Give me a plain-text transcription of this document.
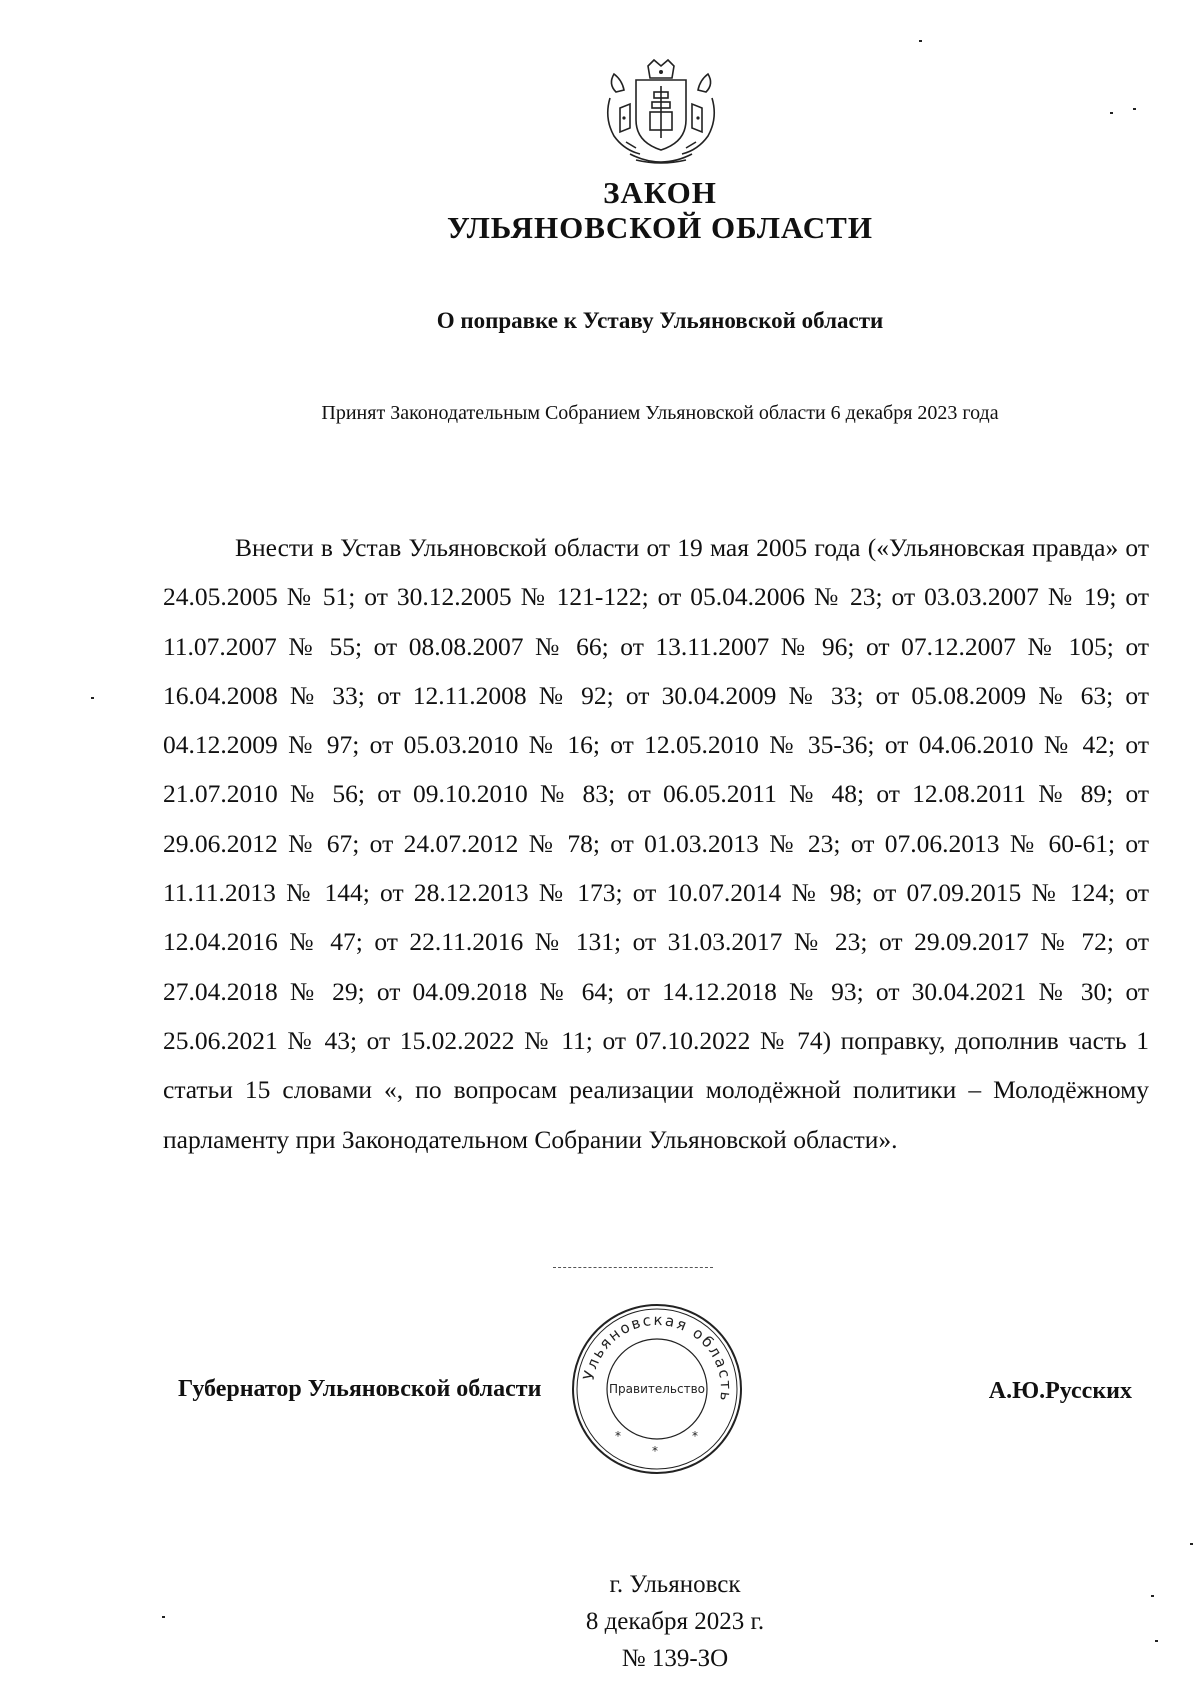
ЗАКОН
УЛЬЯНОВСКОЙ ОБЛАСТИ

О поправке к Уставу Ульяновской области

Принят Законодательным Собранием Ульяновской области 6 декабря 2023 года

Внести в Устав Ульяновской области от 19 мая 2005 года («Ульяновская правда» от 24.05.2005 № 51; от 30.12.2005 № 121-122; от 05.04.2006 № 23; от 03.03.2007 № 19; от 11.07.2007 № 55; от 08.08.2007 № 66; от 13.11.2007 № 96; от 07.12.2007 № 105; от 16.04.2008 № 33; от 12.11.2008 № 92; от 30.04.2009 № 33; от 05.08.2009 № 63; от 04.12.2009 № 97; от 05.03.2010 № 16; от 12.05.2010 № 35-36; от 04.06.2010 № 42; от 21.07.2010 № 56; от 09.10.2010 № 83; от 06.05.2011 № 48; от 12.08.2011 № 89; от 29.06.2012 № 67; от 24.07.2012 № 78; от 01.03.2013 № 23; от 07.06.2013 № 60-61; от 11.11.2013 № 144; от 28.12.2013 № 173; от 10.07.2014 № 98; от 07.09.2015 № 124; от 12.04.2016 № 47; от 22.11.2016 № 131; от 31.03.2017 № 23; от 29.09.2017 № 72; от 27.04.2018 № 29; от 04.09.2018 № 64; от 14.12.2018 № 93; от 30.04.2021 № 30; от 25.06.2021 № 43; от 15.02.2022 № 11; от 07.10.2022 № 74) поправку, дополнив часть 1 статьи 15 словами «, по вопросам реализации молодёжной политики – Молодёжному парламенту при Законодательном Собрании Ульяновской области».

Губернатор Ульяновской области	А.Ю.Русских

Ульяновская область
Правительство
*
*
*

г. Ульяновск

8 декабря 2023 г.

№ 139-ЗО
